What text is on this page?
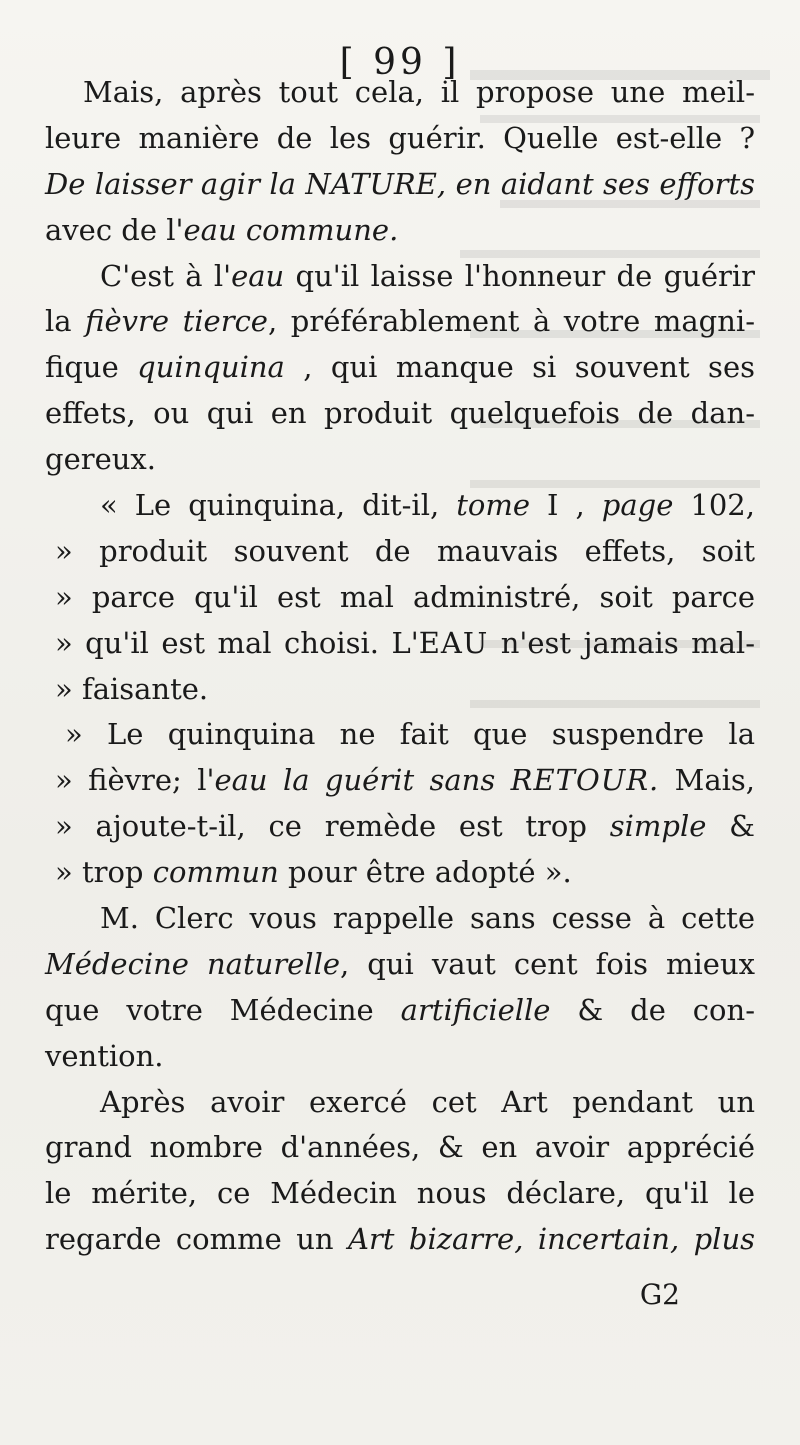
[ 99 ]
Mais, après tout cela, il propose une meil-
leure manière de les guérir. Quelle est-elle ?
De laisser agir la NATURE, en aidant ses efforts
avec de l'eau commune.
C'est à l'eau qu'il laisse l'honneur de guérir
la fièvre tierce, préférablement à votre magni-
fique quinquina , qui manque si souvent ses
effets, ou qui en produit quelquefois de dan-
gereux.
« Le quinquina, dit-il, tome I , page 102,
» produit souvent de mauvais effets, soit
» parce qu'il est mal administré, soit parce
» qu'il est mal choisi. L'EAU n'est jamais mal-
» faisante.
» Le quinquina ne fait que suspendre la
» fièvre; l'eau la guérit sans RETOUR. Mais,
» ajoute-t-il, ce remède est trop simple &
» trop commun pour être adopté ».
M. Clerc vous rappelle sans cesse à cette
Médecine naturelle, qui vaut cent fois mieux
que votre Médecine artificielle & de con-
vention.
Après avoir exercé cet Art pendant un
grand nombre d'années, & en avoir apprécié
le mérite, ce Médecin nous déclare, qu'il le
regarde comme un Art bizarre, incertain, plus
G2
